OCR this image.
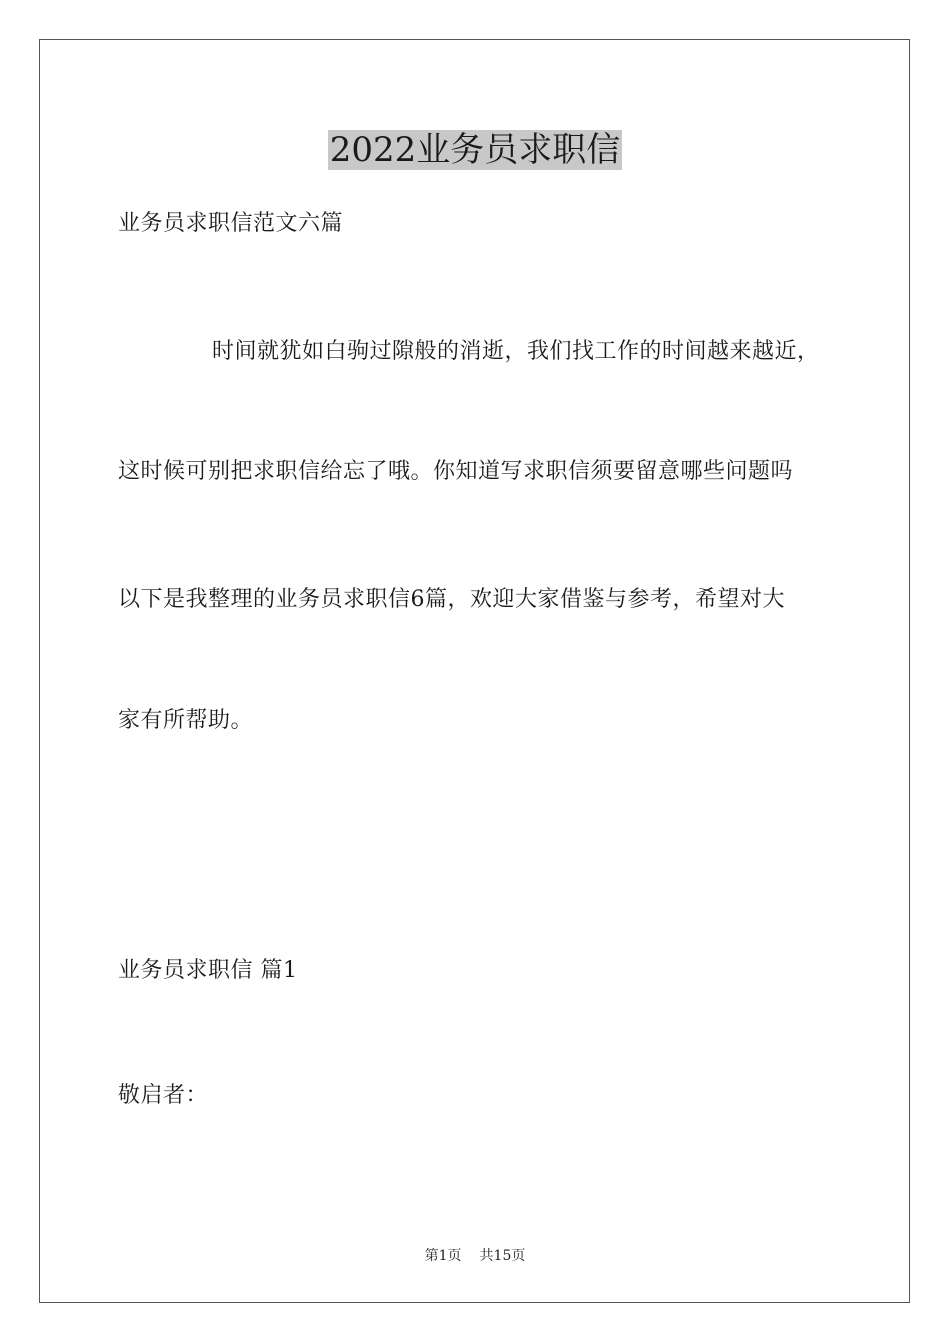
2022业务员求职信

业务员求职信范文六篇

时间就犹如白驹过隙般的消逝，我们找工作的时间越来越近，

这时候可别把求职信给忘了哦。你知道写求职信须要留意哪些问题吗

以下是我整理的业务员求职信6篇，欢迎大家借鉴与参考，希望对大

家有所帮助。

业务员求职信 篇1

敬启者：

第1页 共15页
